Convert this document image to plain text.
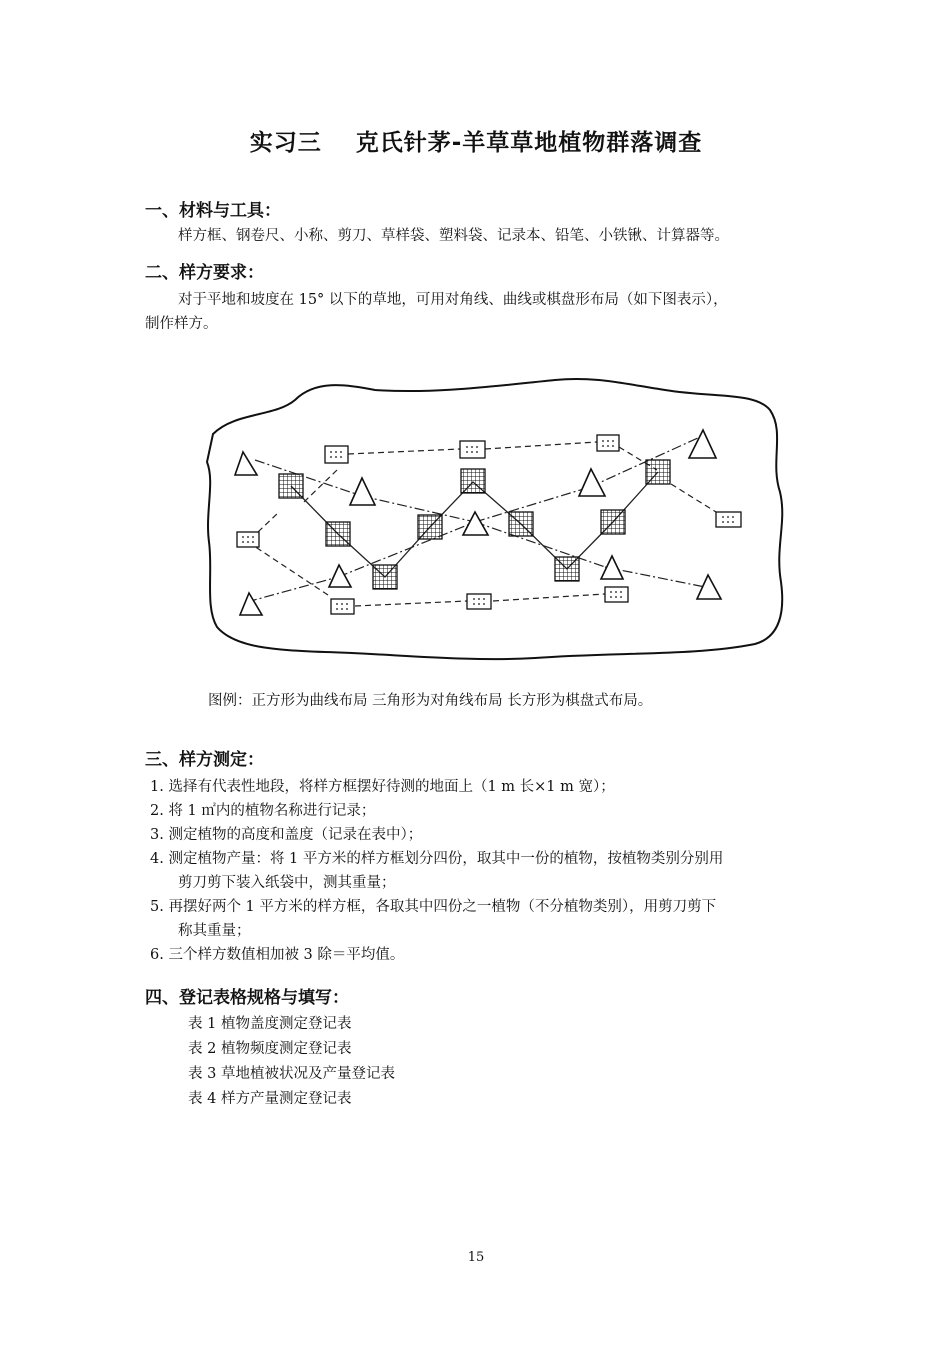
实习三 克氏针茅-羊草草地植物群落调查
一、材料与工具：
样方框、钢卷尺、小称、剪刀、草样袋、塑料袋、记录本、铅笔、小铁锹、计算器等。
二、样方要求：
对于平地和坡度在 15° 以下的草地，可用对角线、曲线或棋盘形布局（如下图表示），
制作样方。
图例：正方形为曲线布局 三角形为对角线布局 长方形为棋盘式布局。
三、样方测定：
1. 选择有代表性地段，将样方框摆好待测的地面上（1 m 长×1 m 宽）；
2. 将 1 ㎡内的植物名称进行记录；
3. 测定植物的高度和盖度（记录在表中）；
4. 测定植物产量：将 1 平方米的样方框划分四份，取其中一份的植物，按植物类别分别用
剪刀剪下装入纸袋中，测其重量；
5. 再摆好两个 1 平方米的样方框，各取其中四份之一植物（不分植物类别），用剪刀剪下
称其重量；
6. 三个样方数值相加被 3 除＝平均值。
四、登记表格规格与填写：
表 1 植物盖度测定登记表
表 2 植物频度测定登记表
表 3 草地植被状况及产量登记表
表 4 样方产量测定登记表
15
